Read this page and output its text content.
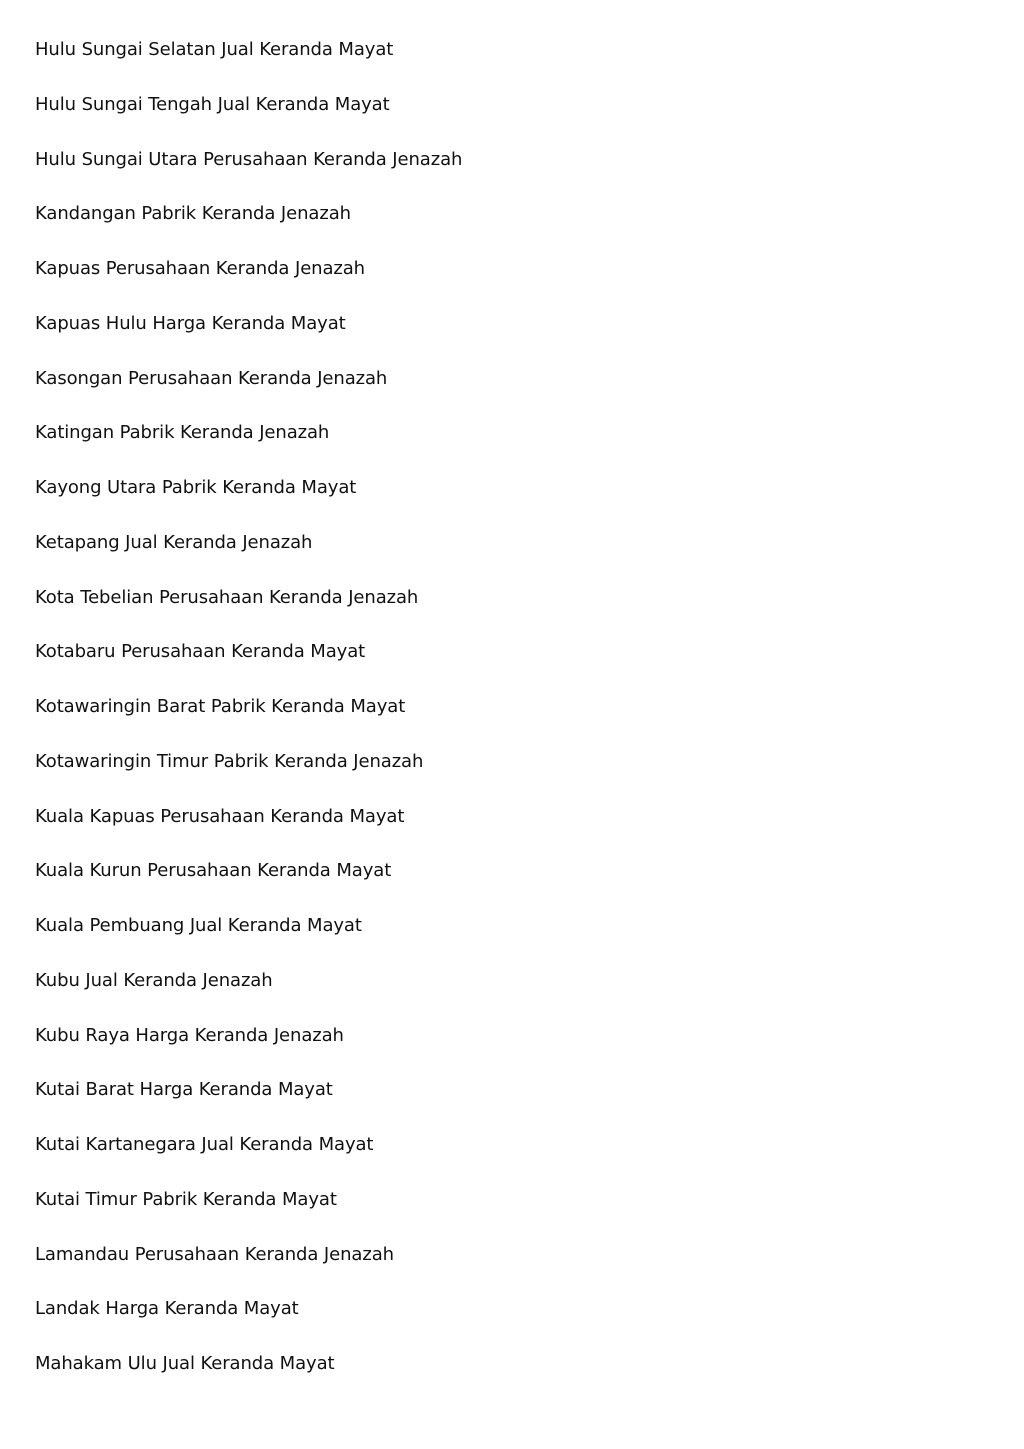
Hulu Sungai Selatan Jual Keranda Mayat
Hulu Sungai Tengah Jual Keranda Mayat
Hulu Sungai Utara Perusahaan Keranda Jenazah
Kandangan Pabrik Keranda Jenazah
Kapuas Perusahaan Keranda Jenazah
Kapuas Hulu Harga Keranda Mayat
Kasongan Perusahaan Keranda Jenazah
Katingan Pabrik Keranda Jenazah
Kayong Utara Pabrik Keranda Mayat
Ketapang Jual Keranda Jenazah
Kota Tebelian Perusahaan Keranda Jenazah
Kotabaru Perusahaan Keranda Mayat
Kotawaringin Barat Pabrik Keranda Mayat
Kotawaringin Timur Pabrik Keranda Jenazah
Kuala Kapuas Perusahaan Keranda Mayat
Kuala Kurun Perusahaan Keranda Mayat
Kuala Pembuang Jual Keranda Mayat
Kubu Jual Keranda Jenazah
Kubu Raya Harga Keranda Jenazah
Kutai Barat Harga Keranda Mayat
Kutai Kartanegara Jual Keranda Mayat
Kutai Timur Pabrik Keranda Mayat
Lamandau Perusahaan Keranda Jenazah
Landak Harga Keranda Mayat
Mahakam Ulu Jual Keranda Mayat
